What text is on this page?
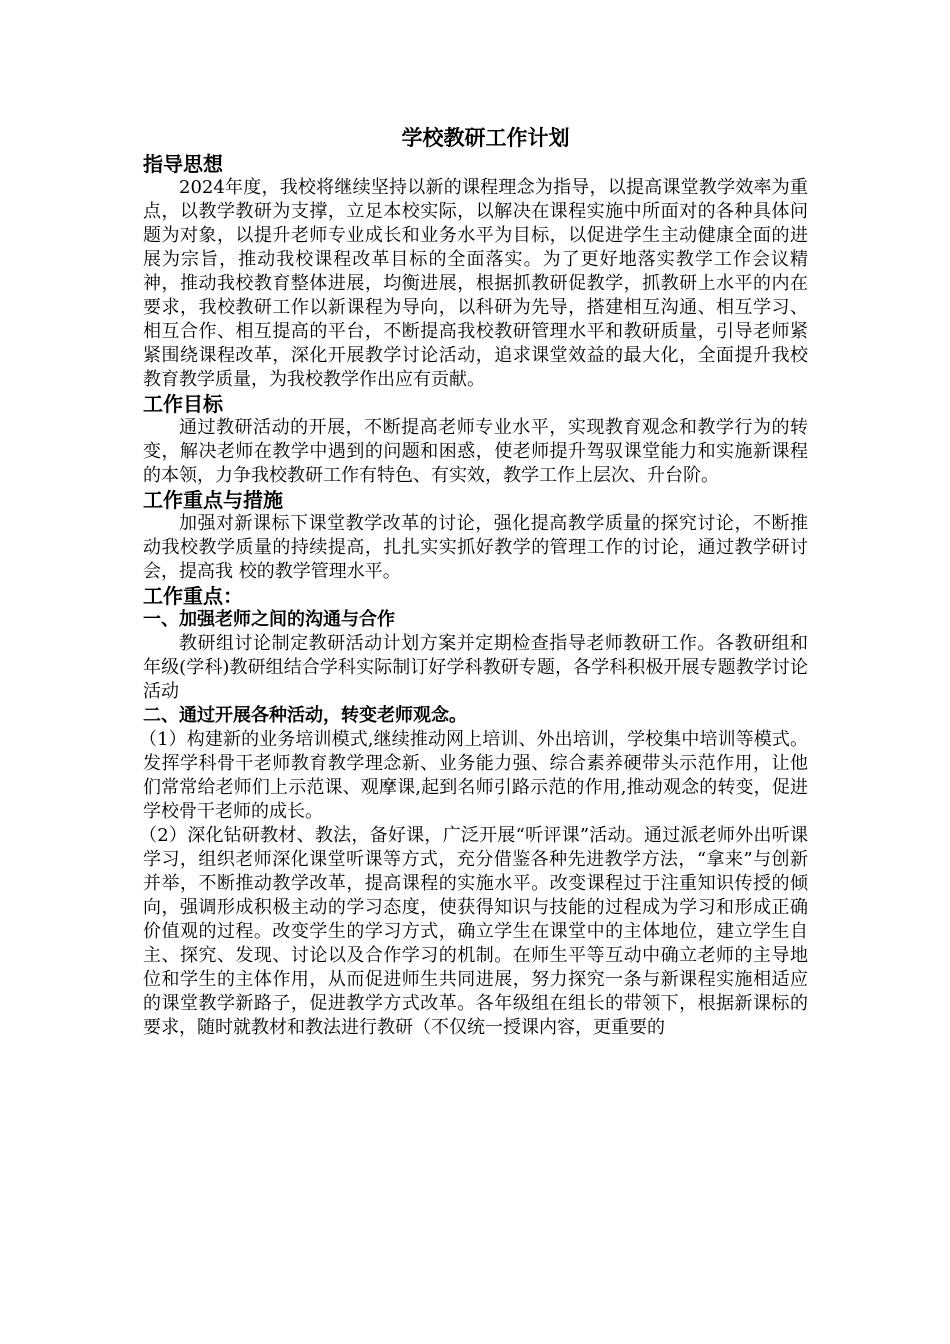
学校教研工作计划
指导思想

2024年度，我校将继续坚持以新的课程理念为指导，以提高课堂教学效率为重点，以教学教研为支撑，立足本校实际，以解决在课程实施中所面对的各种具体问题为对象，以提升老师专业成长和业务水平为目标，以促进学生主动健康全面的进展为宗旨，推动我校课程改革目标的全面落实。为了更好地落实教学工作会议精神，推动我校教育整体进展，均衡进展，根据抓教研促教学，抓教研上水平的内在要求，我校教研工作以新课程为导向，以科研为先导，搭建相互沟通、相互学习、相互合作、相互提高的平台，不断提高我校教研管理水平和教研质量，引导老师紧紧围绕课程改革，深化开展教学讨论活动，追求课堂效益的最大化，全面提升我校教育教学质量，为我校教学作出应有贡献。

工作目标

通过教研活动的开展，不断提高老师专业水平，实现教育观念和教学行为的转变，解决老师在教学中遇到的问题和困惑，使老师提升驾驭课堂能力和实施新课程的本领，力争我校教研工作有特色、有实效，教学工作上层次、升台阶。

工作重点与措施

加强对新课标下课堂教学改革的讨论，强化提高教学质量的探究讨论，不断推动我校教学质量的持续提高，扎扎实实抓好教学的管理工作的讨论，通过教学研讨会，提高我 校的教学管理水平。

工作重点：
一、加强老师之间的沟通与合作

教研组讨论制定教研活动计划方案并定期检查指导老师教研工作。各教研组和年级(学科)教研组结合学科实际制订好学科教研专题，各学科积极开展专题教学讨论活动

二、通过开展各种活动，转变老师观念。

（1）构建新的业务培训模式,继续推动网上培训、外出培训，学校集中培训等模式。发挥学科骨干老师教育教学理念新、业务能力强、综合素养硬带头示范作用，让他们常常给老师们上示范课、观摩课,起到名师引路示范的作用,推动观念的转变，促进学校骨干老师的成长。

（2）深化钻研教材、教法，备好课，广泛开展“听评课”活动。通过派老师外出听课学习，组织老师深化课堂听课等方式，充分借鉴各种先进教学方法，“拿来”与创新并举，不断推动教学改革，提高课程的实施水平。改变课程过于注重知识传授的倾向，强调形成积极主动的学习态度，使获得知识与技能的过程成为学习和形成正确价值观的过程。改变学生的学习方式，确立学生在课堂中的主体地位，建立学生自主、探究、发现、讨论以及合作学习的机制。在师生平等互动中确立老师的主导地位和学生的主体作用，从而促进师生共同进展，努力探究一条与新课程实施相适应的课堂教学新路子，促进教学方式改革。各年级组在组长的带领下，根据新课标的要求，随时就教材和教法进行教研（不仅统一授课内容，更重要的
